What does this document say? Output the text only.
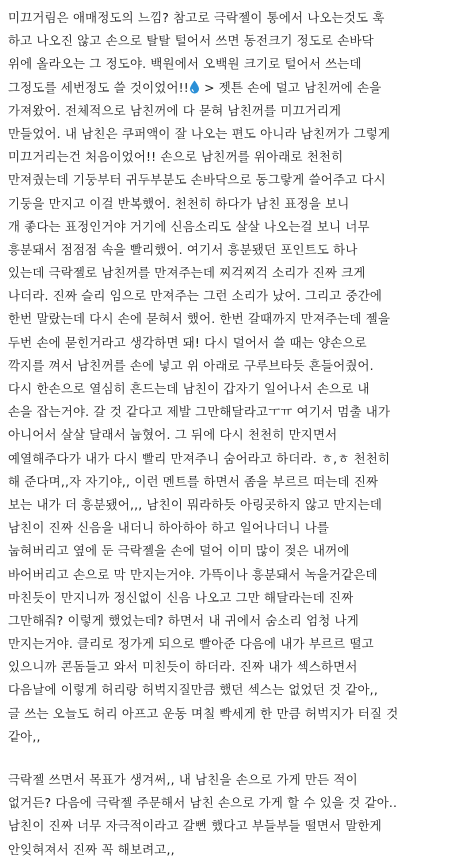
미끄거림은 애매정도의 느낌? 참고로 극락젤이 통에서 나오는것도 훅
하고 나오진 않고 손으로 탈탈 털어서 쓰면 동전크기 정도로 손바닥
위에 올라오는 그 정도야. 백원에서 오백원 크기로 털어서 쓰는데
그정도를 세번정도 쓸 것이었어!! > 젯튼 손에 덜고 남친꺼에 손을
가져왔어. 전체적으로 남친꺼에 다 묻혀 남친꺼를 미끄거리게
만들었어. 내 남친은 쿠퍼액이 잘 나오는 편도 아니라 남친꺼가 그렇게
미끄거리는건 처음이었어!! 손으로 남친꺼를 위아래로 천천히
만져줬는데 기둥부터 귀두부분도 손바닥으로 동그랗게 쓸어주고 다시
기둥을 만지고 이걸 반복했어. 천천히 하다가 남친 표정을 보니
개 좋다는 표정인거야 거기에 신음소리도 살살 나오는걸 보니 너무
흥분돼서 점점점 속을 빨리했어. 여기서 흥분됐던 포인트도 하나
있는데 극락젤로 남친꺼를 만져주는데 찌걱찌걱 소리가 진짜 크게
나더라. 진짜 슬리 임으로 만져주는 그런 소리가 났어. 그리고 중간에
한번 말랐는데 다시 손에 묻혀서 했어. 한번 갈때까지 만져주는데 젤을
두번 손에 묻힌거라고 생각하면 돼! 다시 덜어서 쓸 때는 양손으로
깍지를 껴서 남친꺼를 손에 넣고 위 아래로 구루브타듯 흔들어줬어.
다시 한손으로 열심히 흔드는데 남친이 갑자기 일어나서 손으로 내
손을 잡는거야. 갈 것 같다고 제발 그만해달라고ㅜㅠ 여기서 멈출 내가
아니어서 살살 달래서 눕혔어. 그 뒤에 다시 천천히 만지면서
예열해주다가 내가 다시 빨리 만져주니 숨어라고 하더라. ㅎ,ㅎ 천천히
해 준다며,,자 자기야,, 이런 멘트를 하면서 좀을 부르르 떠는데 진짜
보는 내가 더 흥분됐어,,, 남친이 뭐라하듯 아링곳하지 않고 만지는데
남친이 진짜 신음을 내더니 하아하아 하고 일어나더니 나를
눕혀버리고 옆에 둔 극락젤을 손에 덜어 이미 많이 젖은 내꺼에
바어버리고 손으로 막 만지는거야. 가뜩이나 흥분돼서 녹을거같은데
마친듯이 만지니까 정신없이 신음 나오고 그만 해달라는데 진짜
그만해줘? 이렇게 했었는데? 하면서 내 귀에서 숨소리 엄청 나게
만지는거야. 클리로 정가게 되으로 빨아준 다음에 내가 부르르 떨고
있으니까 콘돔들고 와서 미친듯이 하더라. 진짜 내가 섹스하면서
다음날에 이렇게 허리랑 허벅지질만큼 했던 섹스는 없었던 것 같아,,
글 쓰는 오늘도 허리 아프고 운동 며칠 빡세게 한 만큼 허벅지가 터질 것
같아,,
극락젤 쓰면서 목표가 생겨써,, 내 남친을 손으로 가게 만든 적이
없거든? 다음에 극락젤 주문해서 남친 손으로 가게 할 수 있을 것 같아..
남친이 진짜 너무 자극적이라고 갈뻔 했다고 부들부들 떨면서 말한게
안잊혀져서 진짜 꼭 해보려고,,
